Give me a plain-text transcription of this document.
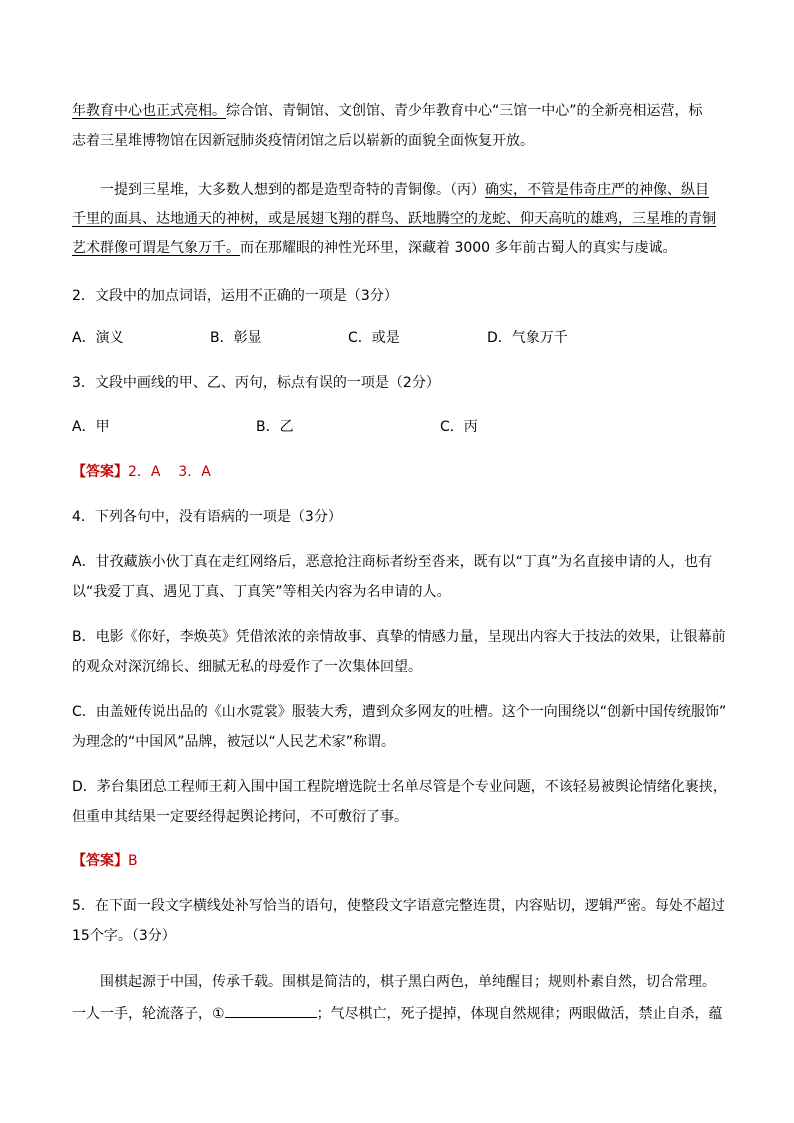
年教育中心也正式亮相。综合馆、青铜馆、文创馆、青少年教育中心“三馆一中心”的全新亮相运营，标
志着三星堆博物馆在因新冠肺炎疫情闭馆之后以崭新的面貌全面恢复开放。
一提到三星堆，大多数人想到的都是造型奇特的青铜像。（丙）确实，不管是伟奇庄严的神像、纵目
千里的面具、达地通天的神树，或是展翅飞翔的群鸟、跃地腾空的龙蛇、仰天高吭的雄鸡，三星堆的青铜
艺术群像可谓是气象万千。而在那耀眼的神性光环里，深藏着 3000 多年前古蜀人的真实与虔诚。
2．文段中的加点词语，运用不正确的一项是（3分）
A．演义	B．彰显	C．或是	D．气象万千
3．文段中画线的甲、乙、丙句，标点有误的一项是（2分）
A．甲	B．乙	C．丙
【答案】2．A    3．A
4．下列各句中，没有语病的一项是（3分）
A．甘孜藏族小伙丁真在走红网络后，恶意抢注商标者纷至沓来，既有以“丁真”为名直接申请的人，也有
以“我爱丁真、遇见丁真、丁真笑”等相关内容为名申请的人。
B．电影《你好，李焕英》凭借浓浓的亲情故事、真挚的情感力量，呈现出内容大于技法的效果，让银幕前
的观众对深沉绵长、细腻无私的母爱作了一次集体回望。
C．由盖娅传说出品的《山水霓裳》服装大秀，遭到众多网友的吐槽。这个一向围绕以“创新中国传统服饰”
为理念的“中国风”品牌，被冠以“人民艺术家”称谓。
D．茅台集团总工程师王莉入围中国工程院增选院士名单尽管是个专业问题，不该轻易被舆论情绪化裹挟，
但重申其结果一定要经得起舆论拷问，不可敷衍了事。
【答案】B
5．在下面一段文字横线处补写恰当的语句，使整段文字语意完整连贯，内容贴切，逻辑严密。每处不超过
15个字。（3分）
围棋起源于中国，传承千载。围棋是简洁的，棋子黑白两色，单纯醒目；规则朴素自然，切合常理。
一人一手，轮流落子，①	；气尽棋亡，死子提掉，体现自然规律；两眼做活，禁止自杀，蕴
